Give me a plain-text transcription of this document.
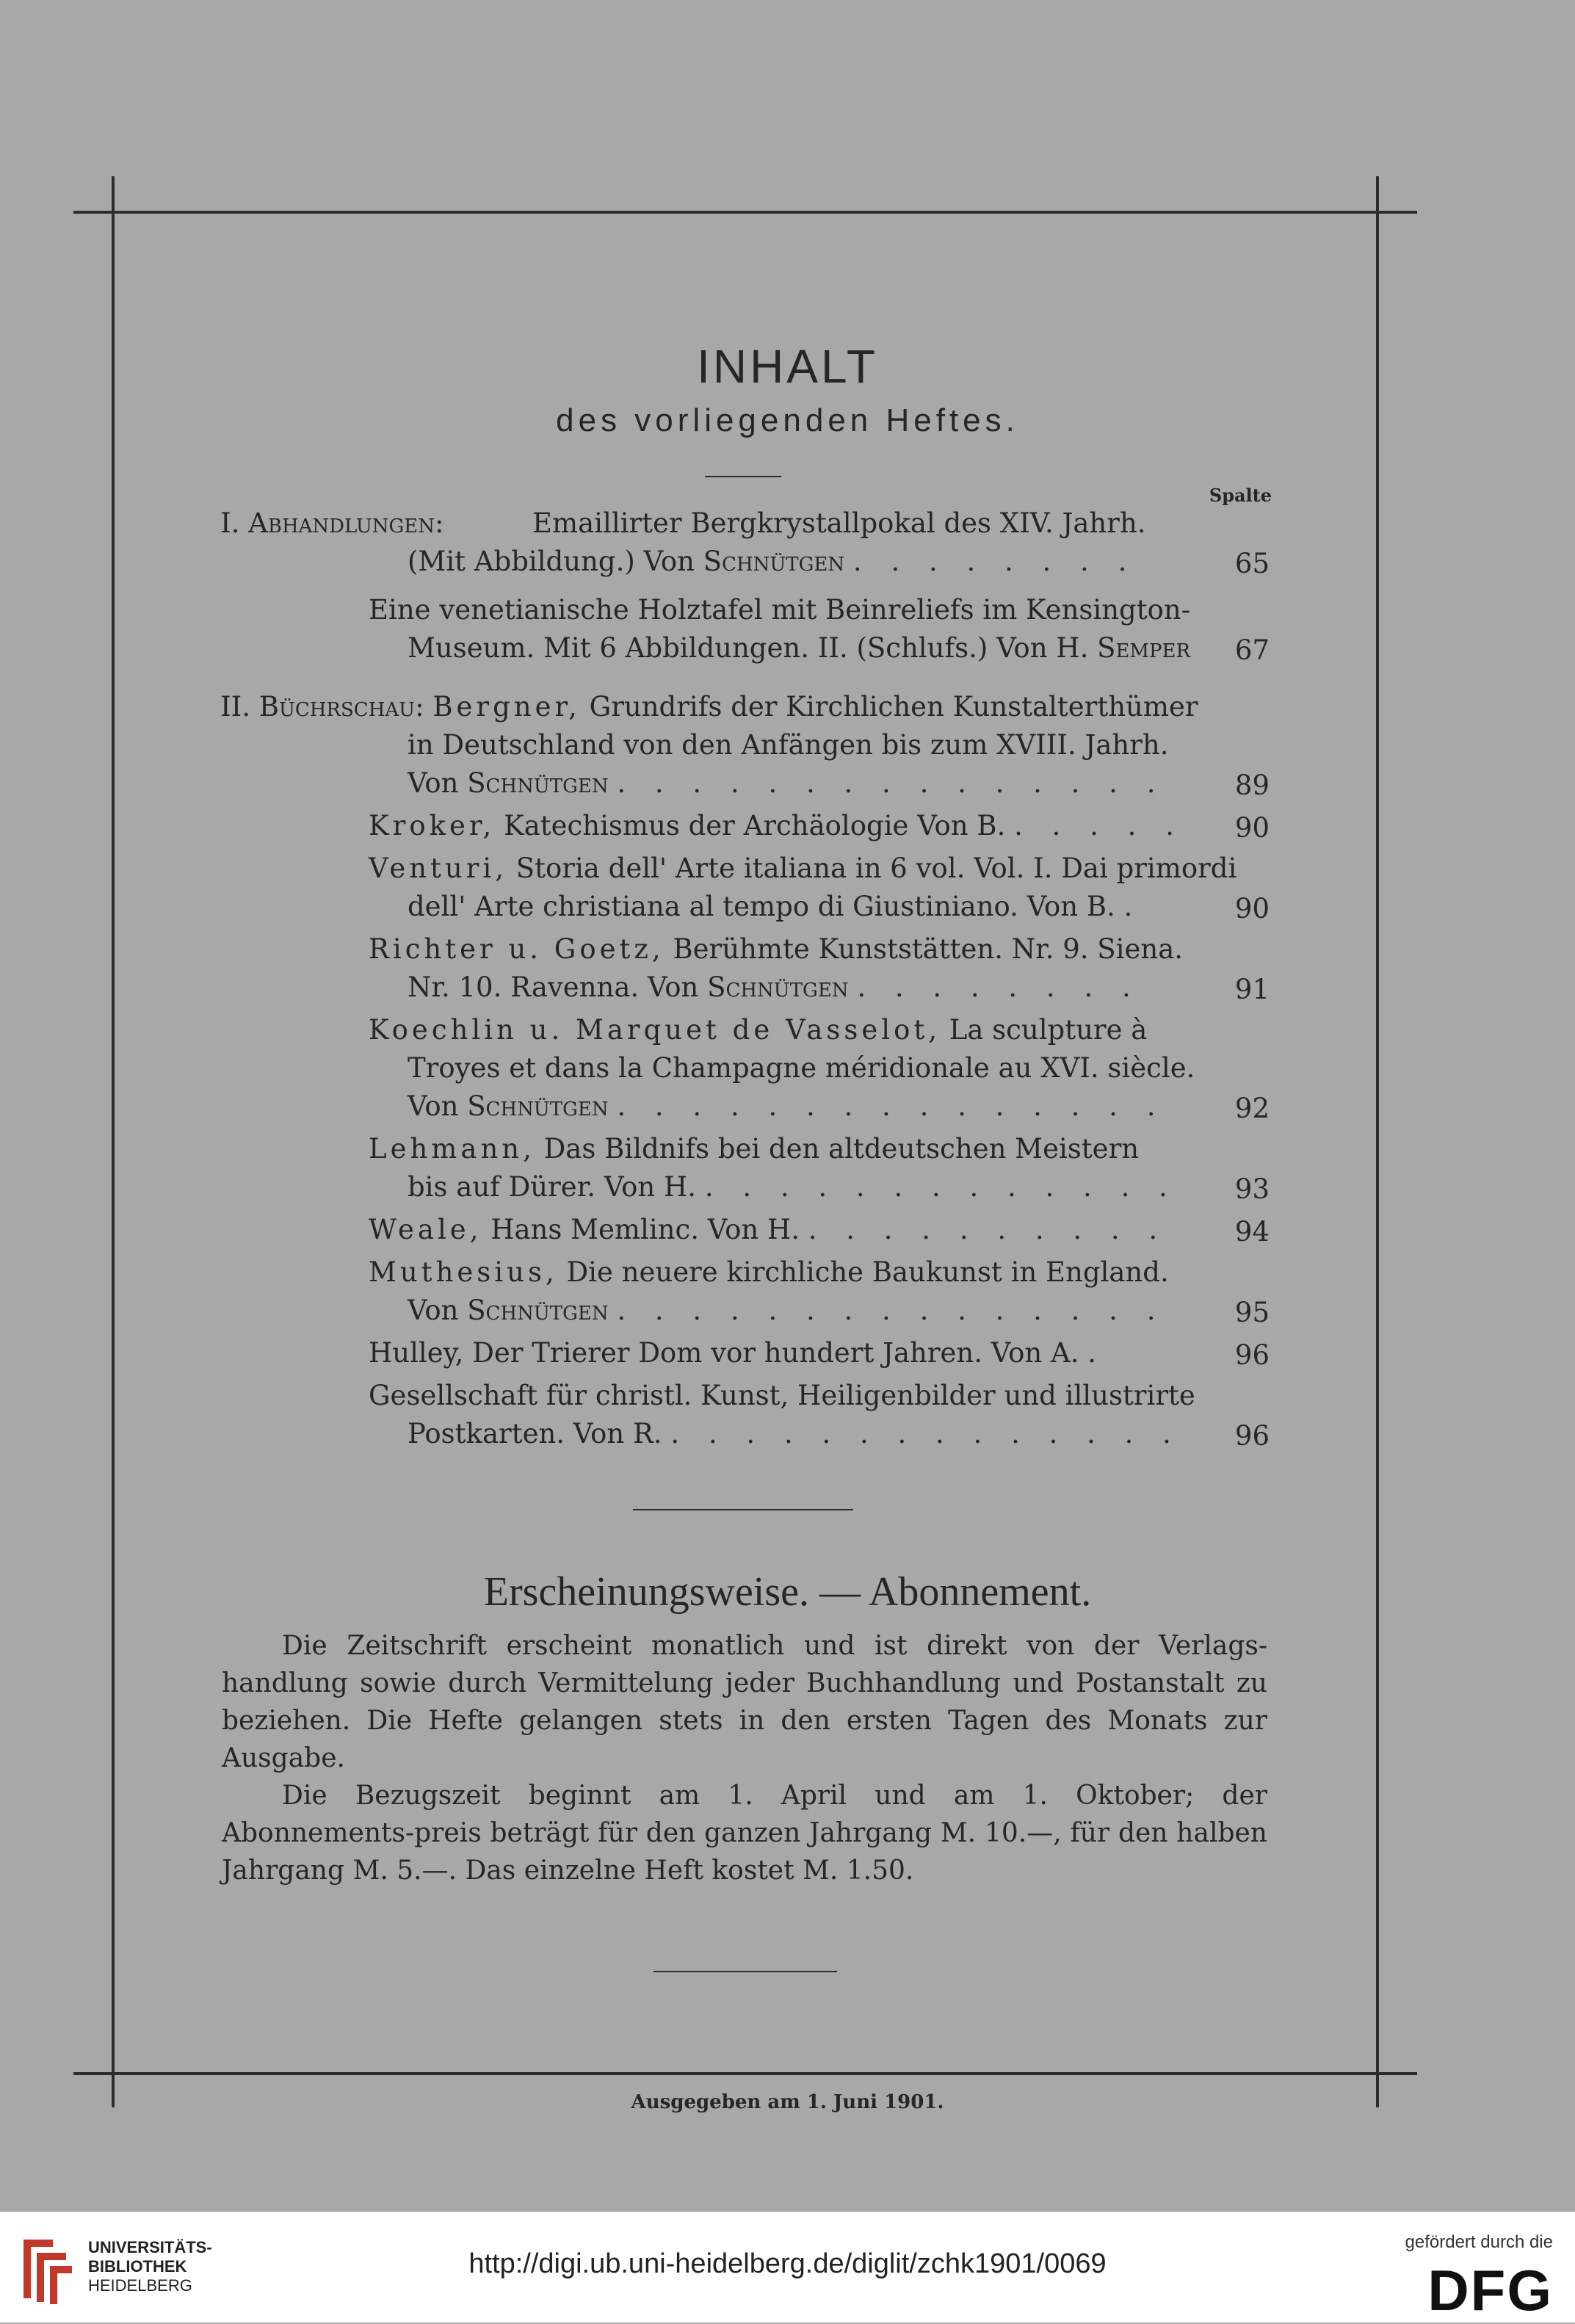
INHALT
des vorliegenden Heftes.
Spalte
I. Abhandlungen:	Emaillirter Bergkrystallpokal des XIV. Jahrh.
(Mit Abbildung.) Von Schnütgen . . . . . . . .	65
Eine venetianische Holztafel mit Beinreliefs im Kensington-
Museum. Mit 6 Abbildungen. II. (Schlufs.) Von H. Semper 67
II. Büchrschau: Bergner, Grundrifs der Kirchlichen Kunstalterthümer
in Deutschland von den Anfängen bis zum XVIII. Jahrh.
Von Schnütgen . . . . . . . . . . . . . . .	89
Kroker, Katechismus der Archäologie Von B. . . . . . 90
Venturi, Storia dell' Arte italiana in 6 vol. Vol. I. Dai primordi
dell' Arte christiana al tempo di Giustiniano. Von B. .	90
Richter u. Goetz, Berühmte Kunststätten. Nr. 9. Siena.
Nr. 10. Ravenna. Von Schnütgen . . . . . . . .	91
Koechlin u. Marquet de Vasselot, La sculpture à
Troyes et dans la Champagne méridionale au XVI. siècle.
Von Schnütgen . . . . . . . . . . . . . . .	92
Lehmann, Das Bildnifs bei den altdeutschen Meistern
bis auf Dürer. Von H. . . . . . . . . . . . . . 93
Weale, Hans Memlinc. Von H. . . . . . . . . . . 94
Muthesius, Die neuere kirchliche Baukunst in England.
Von Schnütgen . . . . . . . . . . . . . . .	95
Hulley, Der Trierer Dom vor hundert Jahren. Von A. .	96
Gesellschaft für christl. Kunst, Heiligenbilder und illustrirte
Postkarten. Von R. . . . . . . . . . . . . . . 96
Erscheinungsweise. — Abonnement.
Die Zeitschrift erscheint monatlich und ist direkt von der Verlags-handlung sowie durch Vermittelung jeder Buchhandlung und Postanstalt zu beziehen. Die Hefte gelangen stets in den ersten Tagen des Monats zur Ausgabe.
Die Bezugszeit beginnt am 1. April und am 1. Oktober; der Abonnements-preis beträgt für den ganzen Jahrgang M. 10.—, für den halben Jahrgang M. 5.—. Das einzelne Heft kostet M. 1.50.
Ausgegeben am 1. Juni 1901.
UNIVERSITÄTS-
BIBLIOTHEK
HEIDELBERG
http://digi.ub.uni-heidelberg.de/diglit/zchk1901/0069
gefördert durch die
DFG
